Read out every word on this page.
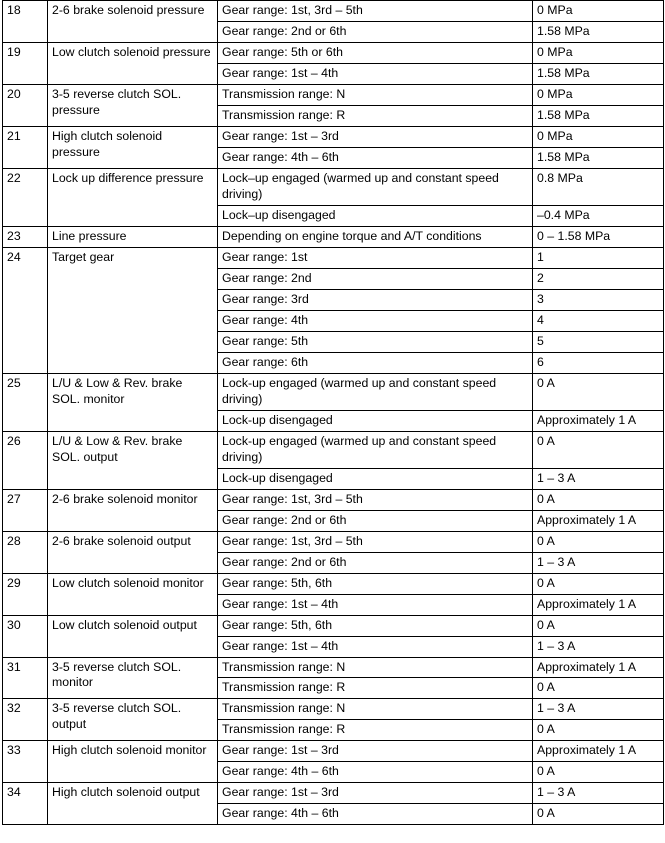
18	2-6 brake solenoid pressure	Gear range: 1st, 3rd – 5th	0 MPa
		Gear range: 2nd or 6th	1.58 MPa
19	Low clutch solenoid pressure	Gear range: 5th or 6th	0 MPa
		Gear range: 1st – 4th	1.58 MPa
20	3-5 reverse clutch SOL. pressure	Transmission range: N	0 MPa
		Transmission range: R	1.58 MPa
21	High clutch solenoid pressure	Gear range: 1st – 3rd	0 MPa
		Gear range: 4th – 6th	1.58 MPa
22	Lock up difference pressure	Lock–up engaged (warmed up and constant speed driving)	0.8 MPa
		Lock–up disengaged	–0.4 MPa
23	Line pressure	Depending on engine torque and A/T conditions	0 – 1.58 MPa
24	Target gear	Gear range: 1st	1
		Gear range: 2nd	2
		Gear range: 3rd	3
		Gear range: 4th	4
		Gear range: 5th	5
		Gear range: 6th	6
25	L/U & Low & Rev. brake SOL. monitor	Lock-up engaged (warmed up and constant speed driving)	0 A
		Lock-up disengaged	Approximately 1 A
26	L/U & Low & Rev. brake SOL. output	Lock-up engaged (warmed up and constant speed driving)	0 A
		Lock-up disengaged	1 – 3 A
27	2-6 brake solenoid monitor	Gear range: 1st, 3rd – 5th	0 A
		Gear range: 2nd or 6th	Approximately 1 A
28	2-6 brake solenoid output	Gear range: 1st, 3rd – 5th	0 A
		Gear range: 2nd or 6th	1 – 3 A
29	Low clutch solenoid monitor	Gear range: 5th, 6th	0 A
		Gear range: 1st – 4th	Approximately 1 A
30	Low clutch solenoid output	Gear range: 5th, 6th	0 A
		Gear range: 1st – 4th	1 – 3 A
31	3-5 reverse clutch SOL. monitor	Transmission range: N	Approximately 1 A
		Transmission range: R	0 A
32	3-5 reverse clutch SOL. output	Transmission range: N	1 – 3 A
		Transmission range: R	0 A
33	High clutch solenoid monitor	Gear range: 1st – 3rd	Approximately 1 A
		Gear range: 4th – 6th	0 A
34	High clutch solenoid output	Gear range: 1st – 3rd	1 – 3 A
		Gear range: 4th – 6th	0 A
